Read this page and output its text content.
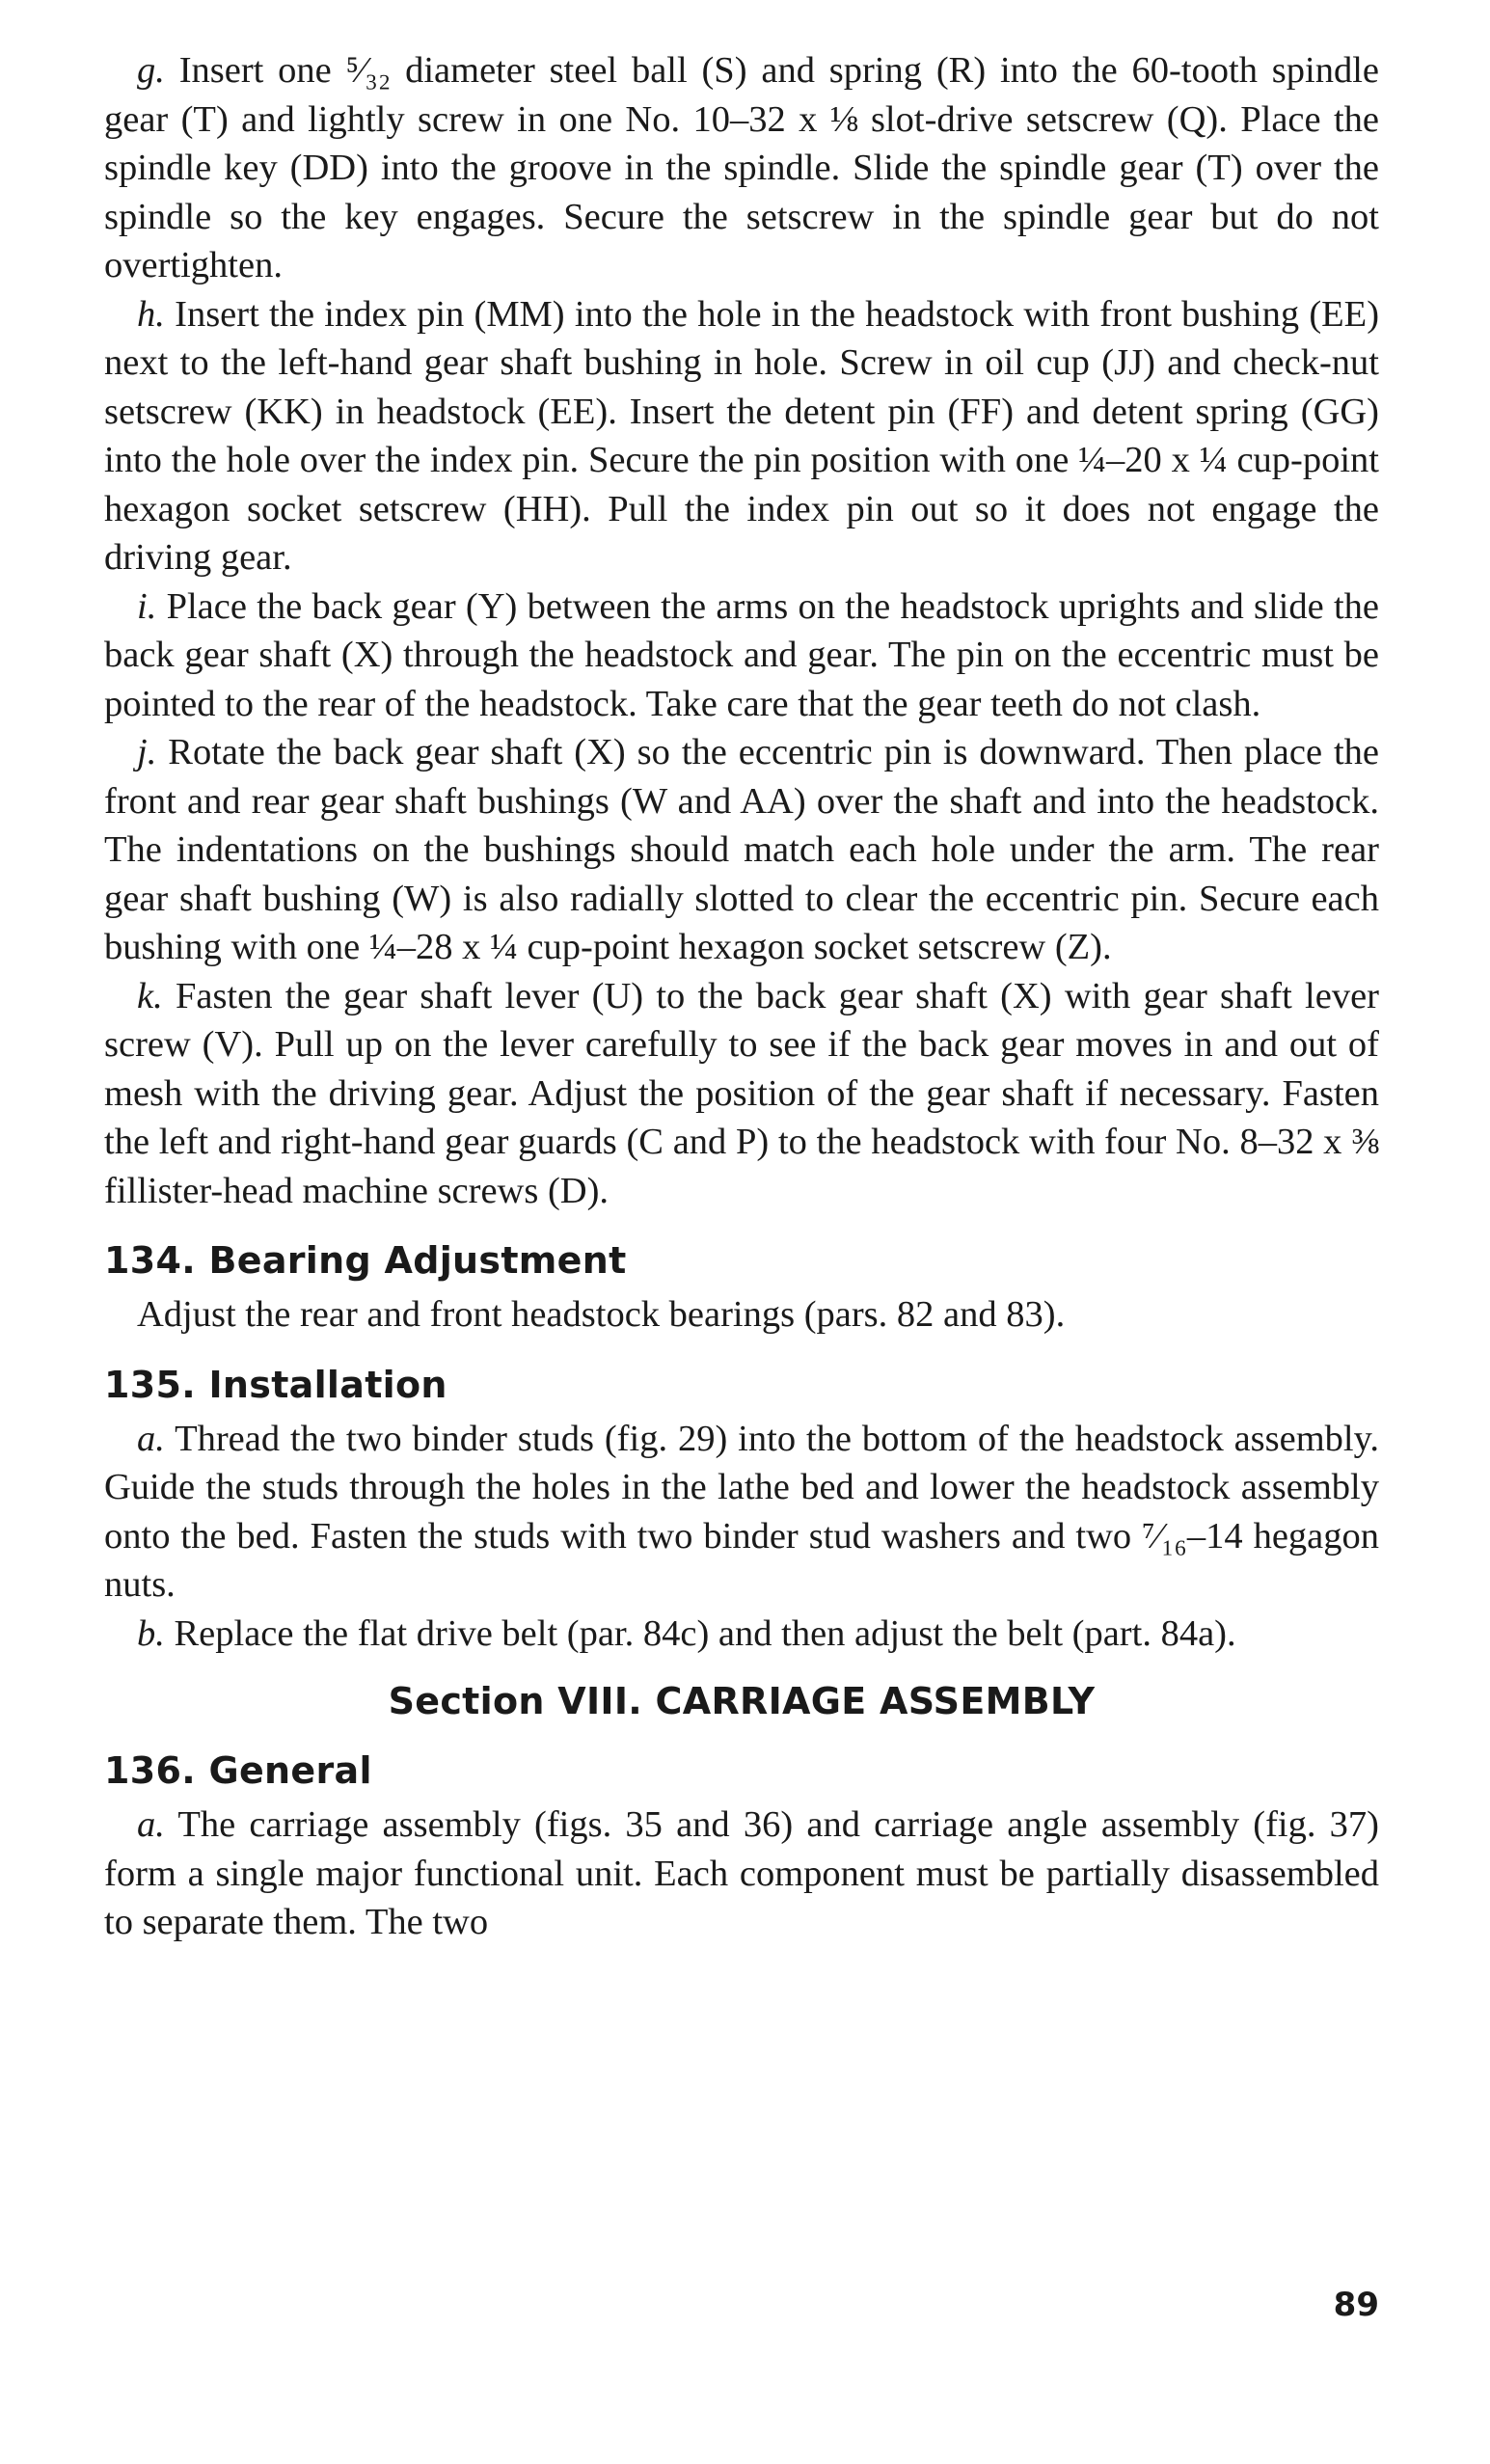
g. Insert one ⁵⁄₃₂ diameter steel ball (S) and spring (R) into the 60-tooth spindle gear (T) and lightly screw in one No. 10–32 x ⅛ slot-drive setscrew (Q). Place the spindle key (DD) into the groove in the spindle. Slide the spindle gear (T) over the spindle so the key engages. Secure the setscrew in the spindle gear but do not overtighten.

h. Insert the index pin (MM) into the hole in the headstock with front bushing (EE) next to the left-hand gear shaft bushing in hole. Screw in oil cup (JJ) and check-nut setscrew (KK) in headstock (EE). Insert the detent pin (FF) and detent spring (GG) into the hole over the index pin. Secure the pin position with one ¼–20 x ¼ cup-point hexagon socket setscrew (HH). Pull the index pin out so it does not engage the driving gear.

i. Place the back gear (Y) between the arms on the headstock uprights and slide the back gear shaft (X) through the headstock and gear. The pin on the eccentric must be pointed to the rear of the headstock. Take care that the gear teeth do not clash.

j. Rotate the back gear shaft (X) so the eccentric pin is downward. Then place the front and rear gear shaft bushings (W and AA) over the shaft and into the headstock. The indentations on the bushings should match each hole under the arm. The rear gear shaft bushing (W) is also radially slotted to clear the eccentric pin. Secure each bushing with one ¼–28 x ¼ cup-point hexagon socket setscrew (Z).

k. Fasten the gear shaft lever (U) to the back gear shaft (X) with gear shaft lever screw (V). Pull up on the lever carefully to see if the back gear moves in and out of mesh with the driving gear. Adjust the position of the gear shaft if necessary. Fasten the left and right-hand gear guards (C and P) to the headstock with four No. 8–32 x ⅜ fillister-head machine screws (D).

134. Bearing Adjustment

Adjust the rear and front headstock bearings (pars. 82 and 83).

135. Installation

a. Thread the two binder studs (fig. 29) into the bottom of the headstock assembly. Guide the studs through the holes in the lathe bed and lower the headstock assembly onto the bed. Fasten the studs with two binder stud washers and two ⁷⁄₁₆–14 hegagon nuts.

b. Replace the flat drive belt (par. 84c) and then adjust the belt (part. 84a).

Section VIII. CARRIAGE ASSEMBLY
136. General

a. The carriage assembly (figs. 35 and 36) and carriage angle assembly (fig. 37) form a single major functional unit. Each component must be partially disassembled to separate them. The two

89
